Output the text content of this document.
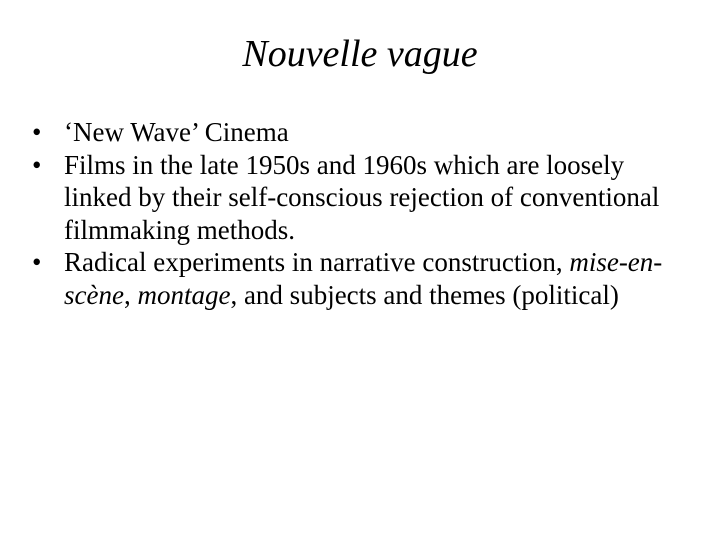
Nouvelle vague
• ‘New Wave’ Cinema
• Films in the late 1950s and 1960s which are loosely linked by their self-conscious rejection of conventional filmmaking methods.
• Radical experiments in narrative construction, mise-en-scène, montage, and subjects and themes (political)
